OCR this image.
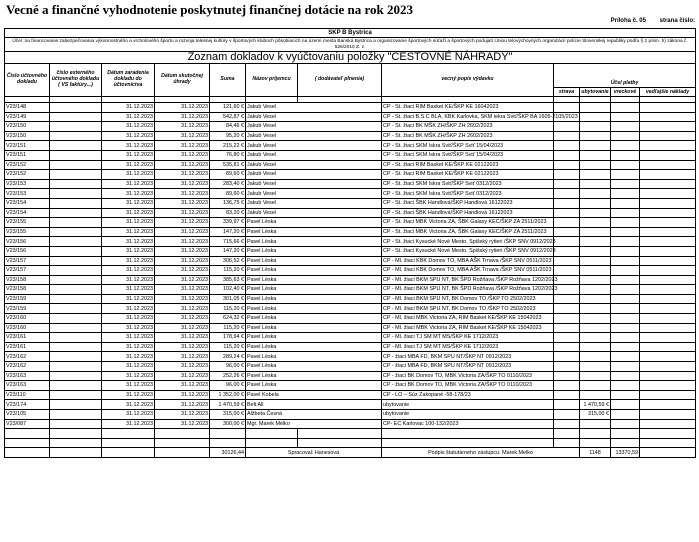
Vecné a finančné vyhodnotenie poskytnutej finančnej dotácie na rok 2023
Príloha č. 05 strana číslo:
ŠKP B Bystrica											
Účel :na financovanie zabezpečovania výkonnostného a vrcholového športu a rozvoja telesnej kultúry v športových kluboch pôsobiacich na území mesta Banská Bystrica a organizovanie športových súťaží a športových podujatí Úniou telovýchovných organizácií polície Slovenskej republiky podľa § 2 písm. h) zákona č. 526/2010 Z. z.											
Zoznam dokladov k vyúčtovaniu položky "CESTOVNÉ NÁHRADY"											
Číslo účtovného dokladu	číslo externého účtovného dokladu ( VS faktúry...)	Dátum zaradenia dokladu do účtovníctva	Dátum skutočnej úhrady	Suma	Názov príjemcu	( dodávateľ plnenia)	vecný popis výdavku	Účel platby			
								strava	ubytovanie	vreckové	vedľajšie náklady

V23/148		31.12.2023	31.12.2023	121,60 €	Jakub Vesel		CP - St. žiaci RIM Basket KE/ŠKP KE 16042023				
V23/149		31.12.2023	31.12.2023	542,87 €	Jakub Vesel		CP - St. žiaci B.S.C BLA, KBK Karlovka, SKM lekra Sviť/ŠKP BA 1605-2105/2023				
V23/150		31.12.2023	31.12.2023	84,46 €	Jakub Vesel		CP - St. žiaci BK MŠK ZH/ŠKP ZH 2602/2023				
V23/150		31.12.2023	31.12.2023	95,20 €	Jakub Vesel		CP - St. žiaci BK MŠK ZH/ŠKP ZH 2602/2023				
V23/151		31.12.2023	31.12.2023	215,22 €	Jakub Vesel		CP - St. žiaci SKM Iskra Sviť/ŠKP Sviť 15/04/2023				
V23/151		31.12.2023	31.12.2023	76,80 €	Jakub Vesel		CP - St. žiaci SKM Iskra Sviť/ŠKP Sviť 15/04/2023				
V23/152		31.12.2023	31.12.2023	535,81 €	Jakub Vesel		CP - St. žiaci RIM Basket KE/ŠKP KE 02122023				
V23/152		31.12.2023	31.12.2023	89,60 €	Jakub Vesel		CP - St. žiaci RIM Basket KE/ŠKP KE 02122023				
V23/153		31.12.2023	31.12.2023	283,40 €	Jakub Vesel		CP - St. žiaci SKM Iskra Sviť/ŠKP Sviť 0312/2023				
V23/153		31.12.2023	31.12.2023	89,60 €	Jakub Vesel		CP - St. žiaci SKM Iskra Sviť/ŠKP Sviť 0312/2023				
V23/154		31.12.2023	31.12.2023	136,75 €	Jakub Vesel		CP - St. žiaci ŠBK Handlová/ŠKP Handlová 16122023				
V23/154		31.12.2023	31.12.2023	83,20 €	Jakub Vesel		CP - St. žiaci ŠBK Handlová/ŠKP Handlová 16122023				
V23/155		31.12.2023	31.12.2023	339,97 €	Pavel Léska		CP - St. žiaci MBK Victoria ZA, ŠBK Galaxy KEC/ŠKP ZA 2511/2023				
V23/155		31.12.2023	31.12.2023	147,20 €	Pavel Léska		CP - St. žiaci MBK Victoria ZA, ŠBK Galaxy KEC/ŠKP ZA 2511/2023				
V23/156		31.12.2023	31.12.2023	715,66 €	Pavel Léska		CP - St. žiaci Kysucké Nové Mesto, Spišský rytieri /ŠKP SNV 0912/2023				
V23/156		31.12.2023	31.12.2023	147,20 €	Pavel Léska		CP - St. žiaci Kysucké Nové Mesto, Spišský rytieri /ŠKP SNV 0912/2023				
V23/157		31.12.2023	31.12.2023	306,52 €	Pavel Léska		CP - Ml. žiaci KBK Domov TO, MBA AŠK Trnava /ŠKP SNV 0511/2023				
V23/157		31.12.2023	31.12.2023	115,20 €	Pavel Léska		CP - Ml. žiaci KBK Domov TO, MBA AŠK Trnava /ŠKP SNV 0511/2023				
V23/158		31.12.2023	31.12.2023	385,63 €	Pavel Léska		CP - Ml. žiaci BKM SPU NT, BK ŠPD Rožňava /ŠKP Rožňava 1202/2023				
V23/158		31.12.2023	31.12.2023	102,40 €	Pavel Léska		CP - Ml. žiaci BKM SPU NT, BK ŠPD Rožňava /ŠKP Rožňava 1202/2023				
V23/159		31.12.2023	31.12.2023	301,05 €	Pavel Léska		CP - Ml. žiaci BKM SPU NT, BK Domov TO /ŠKP TO 2502/2023				
V23/159		31.12.2023	31.12.2023	115,20 €	Pavel Léska		CP - Ml. žiaci BKM SPU NT, BK Domov TO /ŠKP TO 2502/2023				
V23/160		31.12.2023	31.12.2023	624,32 €	Pavel Léska		CP - Ml. žiaci MBK Victoria ZA, RIM Basket KE/ŠKP KE 15042023				
V23/160		31.12.2023	31.12.2023	115,20 €	Pavel Léska		CP - Ml. žiaci MBK Victoria ZA, RIM Basket KE/ŠKP KE 15042023				
V23/161		31.12.2023	31.12.2023	178,94 €	Pavel Léska		CP - Ml. žiaci TJ SM MT MS/ŠKP KE 1712/2023				
V23/161		31.12.2023	31.12.2023	115,20 €	Pavel Léska		CP - Ml. žiaci TJ SM MT MS/ŠKP KE 1712/2023				
V23/162		31.12.2023	31.12.2023	289,24 €	Pavel Léska		CP - žiaci MBA FD, BKM SPU NT/ŠKP NT 0912/2023				
V23/162		31.12.2023	31.12.2023	96,00 €	Pavel Léska		CP - žiaci MBA FD, BKM SPU NT/ŠKP NT 0912/2023				
V23/163		31.12.2023	31.12.2023	252,26 €	Pavel Léska		CP - žiaci BK Domov TO, MBK Victoria ZA/ŠKP TO 0110/2023				
V23/163		31.12.2023	31.12.2023	96,00 €	Pavel Léska		CP - žiaci BK Domov TO, MBK Victoria ZA/ŠKP TO 0110/2023				
V23/110		31.12.2023	31.12.2023	1 352,00 €	Pavel Kobela		CP - LO – Súz Zakopané -58-178/23				
V23/174		31.12.2023	31.12.2023	1 470,59 €	Belt All		ubytovanie		1 470,59 €		
V23/105		31.12.2023	31.12.2023	315,00 €	Alžbeta Česná		ubytovanie		315,00 €		
V23/087		31.12.2023	31.12.2023	300,00 €	Mgr. Marek Melko		CP- EC Karlovac 100-132/2023				

				30126,44	Spracoval: Hanesová		Podpis štatutárneho zástupcu: Marek Melko		1148	13370,59	
